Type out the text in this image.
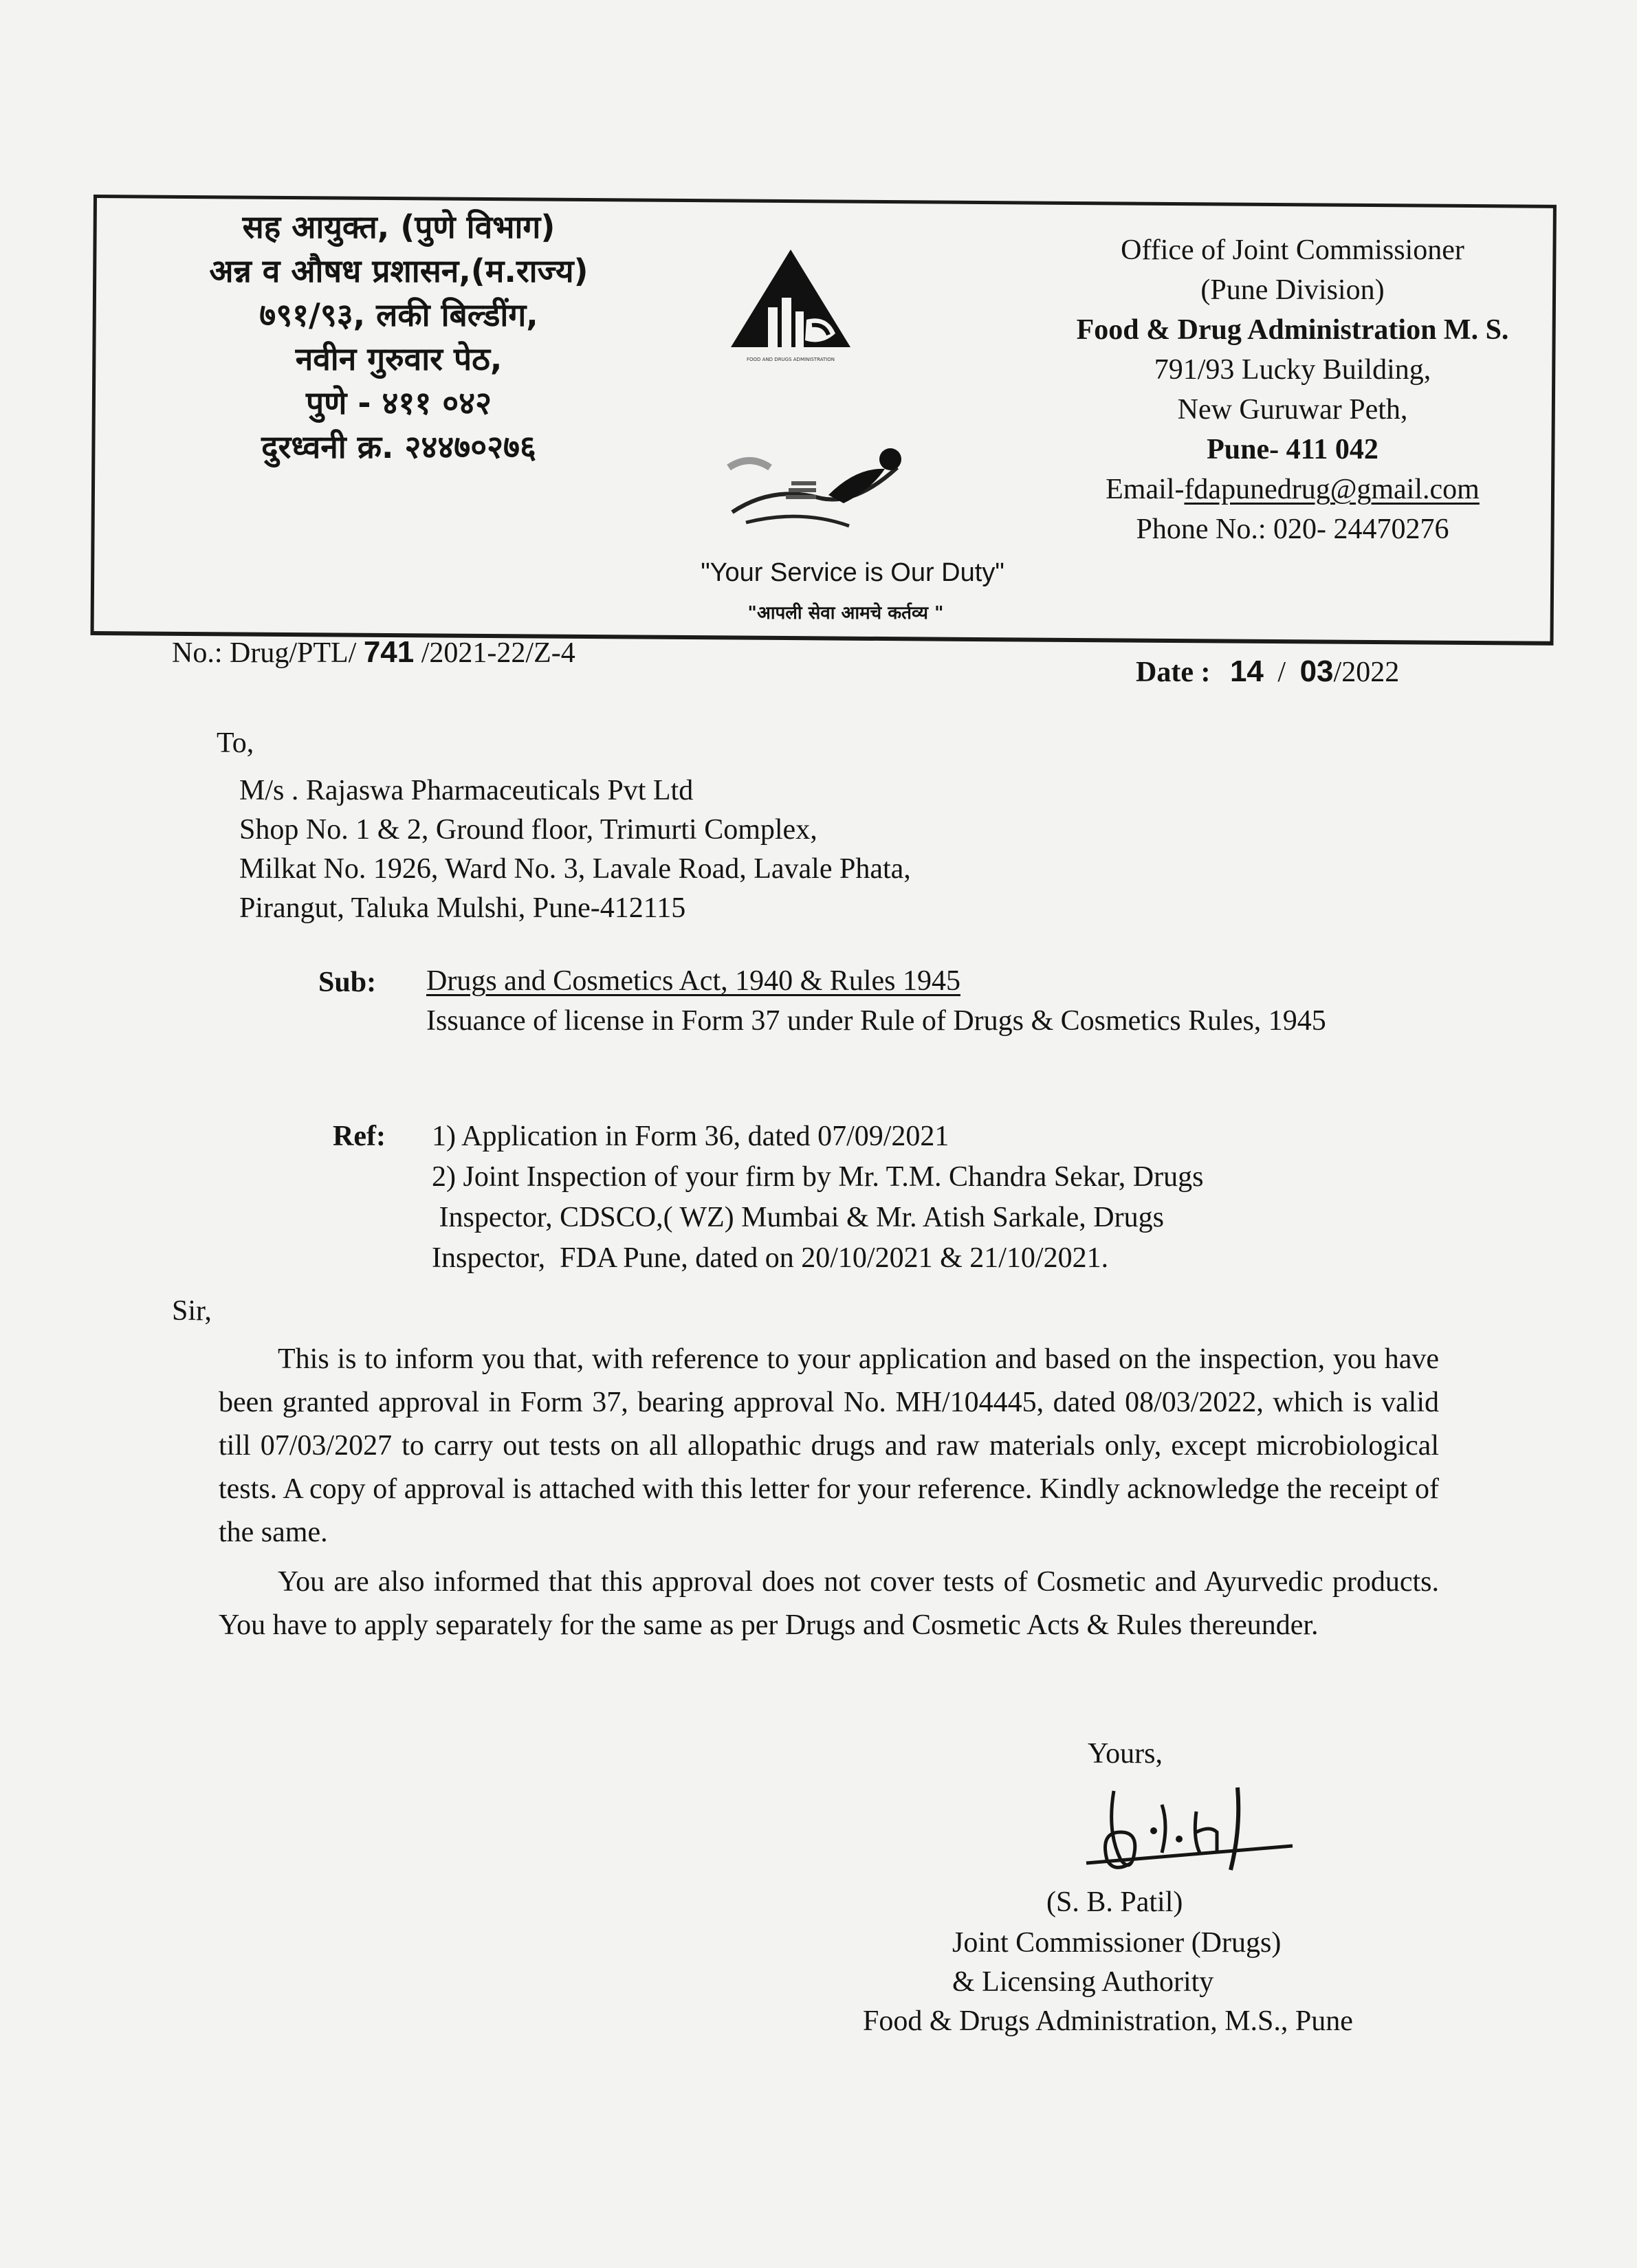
सह आयुक्त, (पुणे विभाग)
अन्न व औषध प्रशासन,(म.राज्य)
७९१/९३, लकी बिल्डींग,
नवीन गुरुवार पेठ,
पुणे - ४११ ०४२
दुरध्वनी क्र. २४४७०२७६
FOOD AND DRUGS ADMINISTRATION
"Your Service is Our Duty"
"आपली सेवा आमचे कर्तव्य "
Office of Joint Commissioner
(Pune Division)
Food & Drug Administration M. S.
791/93 Lucky Building,
New Guruwar Peth,
Pune- 411 042
Email-fdapunedrug@gmail.com
Phone No.: 020- 24470276
No.: Drug/PTL/ 741 /2021-22/Z-4
Date : 14 / 03/2022
To,
M/s . Rajaswa Pharmaceuticals Pvt Ltd
Shop No. 1 & 2, Ground floor, Trimurti Complex,
Milkat No. 1926, Ward No. 3, Lavale Road, Lavale Phata,
Pirangut, Taluka Mulshi, Pune-412115
Sub: Drugs and Cosmetics Act, 1940 & Rules 1945
Issuance of license in Form 37 under Rule of Drugs & Cosmetics Rules, 1945
Ref: 1) Application in Form 36, dated 07/09/2021
2) Joint Inspection of your firm by Mr. T.M. Chandra Sekar, Drugs
Inspector, CDSCO,( WZ) Mumbai & Mr. Atish Sarkale, Drugs
Inspector,  FDA Pune, dated on 20/10/2021 & 21/10/2021.
Sir,
This is to inform you that, with reference to your application and based on the inspection, you have been granted approval in Form 37, bearing approval No. MH/104445, dated 08/03/2022, which is valid till 07/03/2027 to carry out tests on all allopathic drugs and raw materials only, except microbiological tests. A copy of approval is attached with this letter for your reference. Kindly acknowledge the receipt of the same.
You are also informed that this approval does not cover tests of Cosmetic and Ayurvedic products. You have to apply separately for the same as per Drugs and Cosmetic Acts & Rules thereunder.
Yours,
(S. B. Patil)
Joint Commissioner (Drugs)
& Licensing Authority
Food & Drugs Administration, M.S., Pune
